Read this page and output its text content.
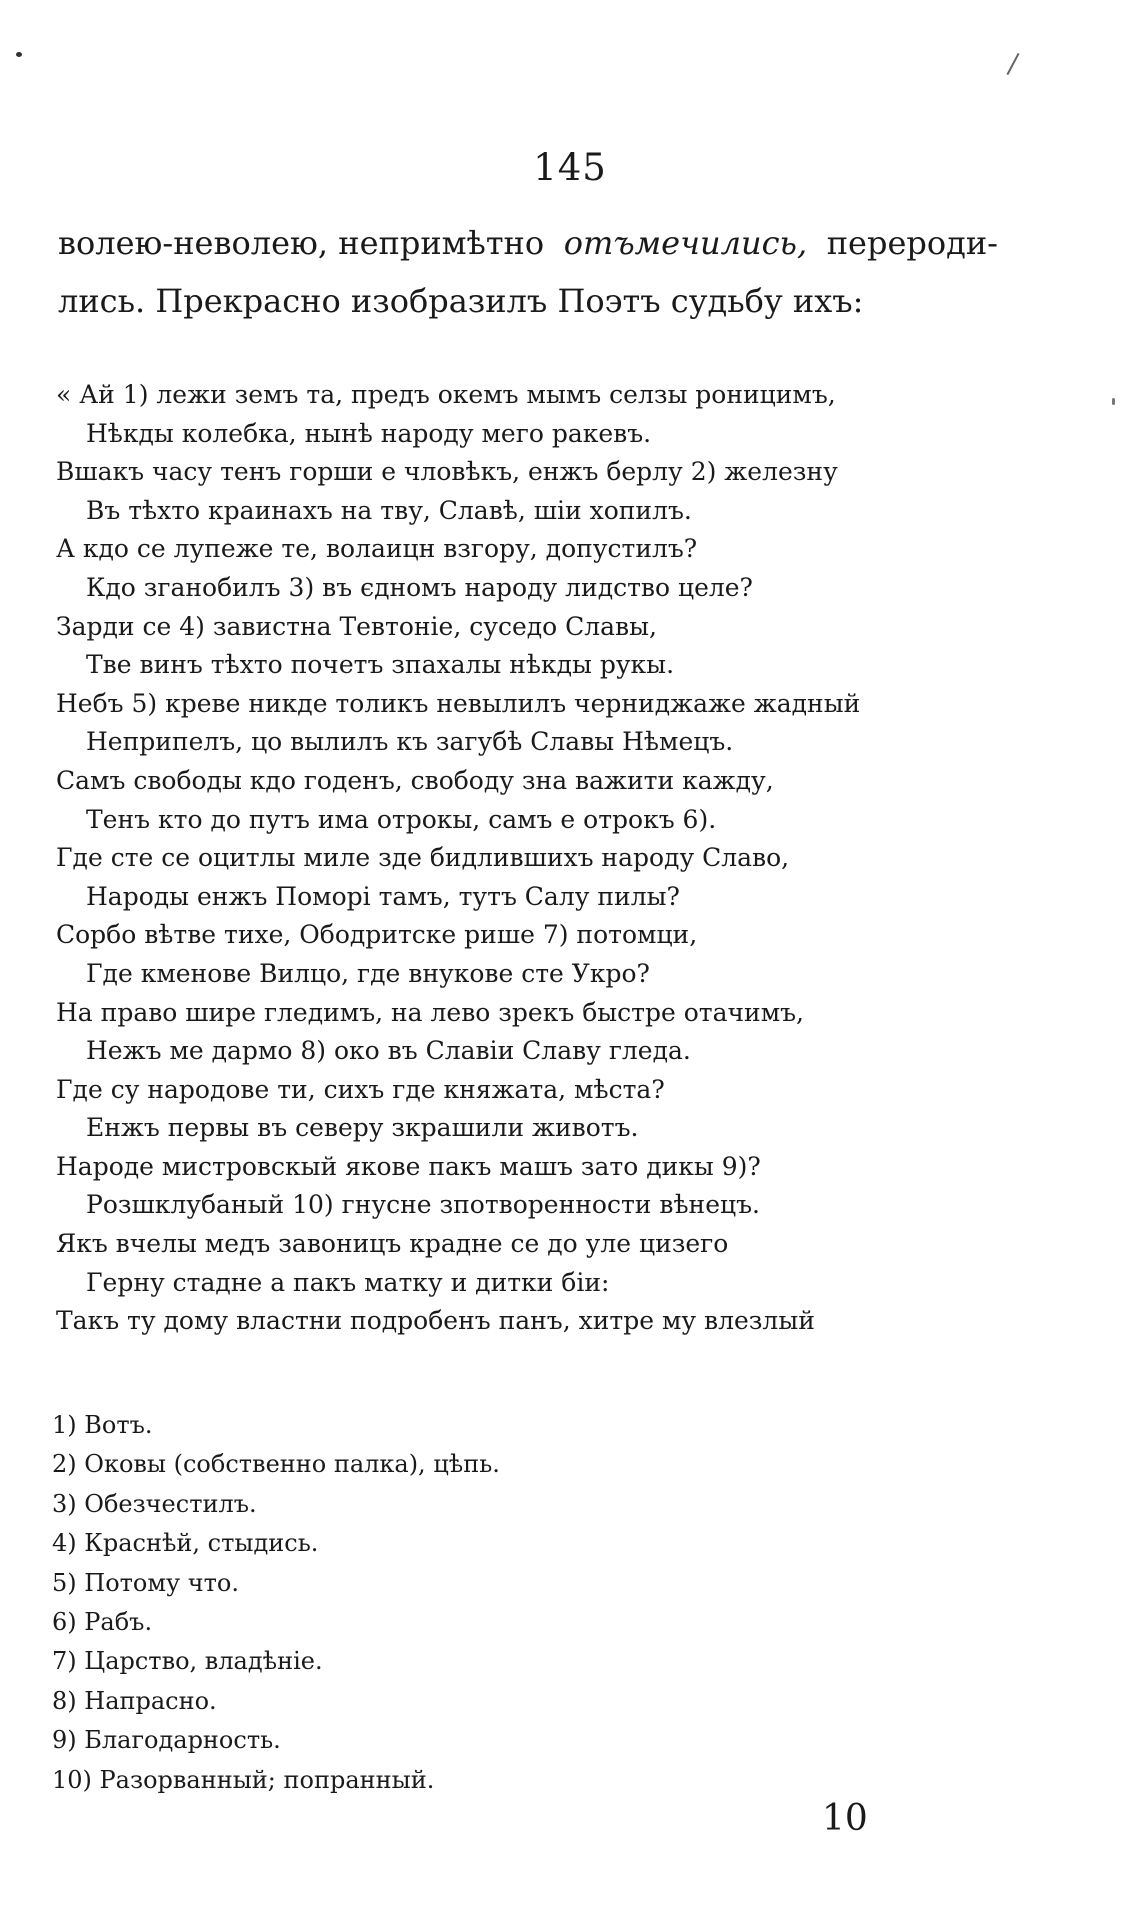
145
волею-неволею, непримѣтно отъмечились, перероди-
лись. Прекрасно изобразилъ Поэтъ судьбу ихъ:
« Ай 1) лежи земъ та, предъ окемъ мымъ селзы роницимъ,
Нѣкды колебка, нынѣ народу мего ракевъ.
Вшакъ часу тенъ горши е чловѣкъ, енжъ берлу 2) железну
Въ тѣхто краинахъ на тву, Славѣ, шіи хопилъ.
А кдо се лупеже те, волаицн взгору, допустилъ?
Кдо зганобилъ 3) въ єдномъ народу лидство целе?
Зарди се 4) завистна Тевтоніе, суседо Славы,
Тве винъ тѣхто почетъ зпахалы нѣкды рукы.
Небъ 5) креве никде толикъ невылилъ черниджаже жадный
Неприпелъ, цо вылилъ къ загубѣ Славы Нѣмецъ.
Самъ свободы кдо годенъ, свободу зна важити кажду,
Тенъ кто до путъ има отрокы, самъ е отрокъ 6).
Где сте се оцитлы миле зде бидлившихъ народу Славо,
Народы енжъ Поморі тамъ, тутъ Салу пилы?
Сорбо вѣтве тихе, Ободритске рише 7) потомци,
Где кменове Вилцо, где внукове сте Укро?
На право шире гледимъ, на лево зрекъ быстре отачимъ,
Нежъ ме дармо 8) око въ Славіи Славу гледа.
Где су народове ти, сихъ где княжата, мѣста?
Енжъ первы въ северу зкрашили животъ.
Народе мистровскый якове пакъ машъ зато дикы 9)?
Розшклубаный 10) гнусне зпотворенности вѣнецъ.
Якъ вчелы медъ завоницъ крадне се до уле цизего
Герну стадне а пакъ матку и дитки біи:
Такъ ту дому властни подробенъ панъ, хитре му влезлый
1) Вотъ.
2) Оковы (собственно палка), цѣпь.
3) Обезчестилъ.
4) Краснѣй, стыдись.
5) Потому что.
6) Рабъ.
7) Царство, владѣніе.
8) Напрасно.
9) Благодарность.
10) Разорванный; попранный.
10
